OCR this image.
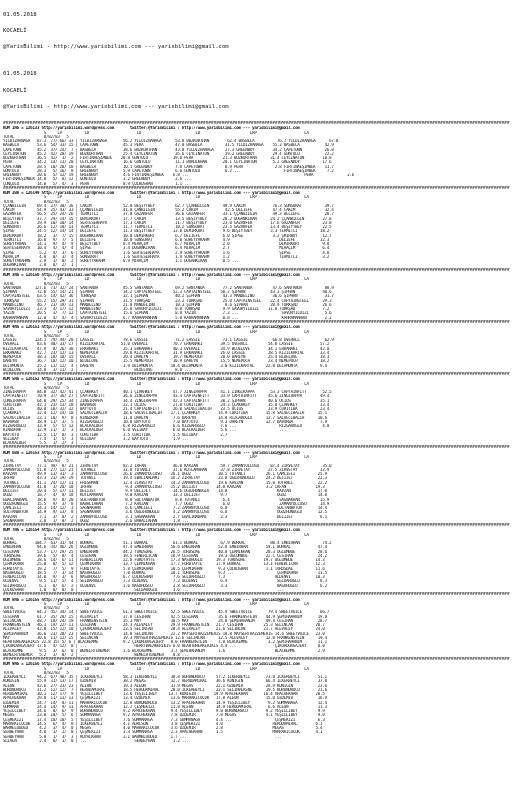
01.05.2018

KOCAELİ

@YarisBilimi - http://www.yarisbilimi.com --- yarisbilimi@gmail.com

01.05.2018

KOCAELİ

@YarisBilimi - http://www.yarisbilimi.com --- yarisbilimi@gmail.com

##############################################################################################################################################################################################
KUM 1NG = 126133 http://yarisbilimi.wordpress.com       twitter:@YarisBilimi : http://www.yarisbilimi.com --- yarisbilimi@gmail.com
S     LP          LD                     LD                        LD                      LRP                     LA
TOTAL             8/82/83   5
YILDIZHANAĞA   87.3  77/ 66/ 33 | YILDIZHANAĞA       56.2 YILDIZHANAĞA      53.8 BOZKURTHAN        62.4 BASBELA          76.7 YILDIZHANAĞA      67.0
BASBELA        53.6  54/ 33/ 15 | CAPETOWN           45.3 PERA              47.0 BASBELA          31.5 YILDIZHANAĞA    55.3 BASBELA           42.9
ÇAPETOWN       45.2  37/ 24/  7 | BASBELA            38.6 BOZKURTHAN        43.8 YILDIZHANAĞA     27.3 GREENBOY        34.2 ÇAPETOWN          26.0
CEYLİNATUN     45.2  42/ 28/ 19 | BOZKURTHAN         25.4 CEYLİNATUN        35.6 CEYLİNATUN       29.2 GREENBOY        29.4 GÜNTÜLÜ           22.2
BOZKURTHAN     36.5  42/  3/  2 | FIRTINAEŞİMBEK    20.8 GÜNTÜLÜ           19.0 PERA             21.3 BOZKURTHAN      31.4 CEYLİNATUN        18.8
PERA           34.2  14/ 13/ 20 | CEYLİNATUN         16.6 GÜNTÜLÜ           11.1 BURULKHAN       20.1 CEYLİNATUN       5.2 GREENBOY          17.6
CAPETOWN       28.5  10/ 20/ 18 | BASBELA            10.1 GREENBOY          7.8 CAPETOWN          8.9 PERA              2.8 FIRTINAEŞİMBEK    11.7
GÜNTÜLÜ        28.3   5/ 16/  8 | GREENBOY           5.9 CAPETOWN           6.6 GÜNTÜLÜ           6.2 ...                   FIRTINAEŞİMBEK     7.2
GREENBOY       20.6   5/ 12/ 19 | GREENBOY           4.6 FIRTINAEŞİMBEK    6.8 ...                                                   PERA               2.6
FIRTINAEŞİMBEK 14.8   5/  8/ 12 | GÜNTÜLÜ            3.2 GREENBOY           2.6 ...
ÇÜNÇÜLÜ        14.0   5/  4/  3 | PERA               0.9 ÇOLKUSHAN          1.1 ...
##############################################################################################################################################################################################
KUM 2BA = 126149 http://yarisbilimi.wordpress.com       twitter:@YarisBilimi : http://www.yarisbilimi.com --- yarisbilimi@gmail.com
S     LP          LD                     LD                        LD                      LRP                     LA
TOTAL             8/82/83   5
ÇÇANBILGİN     69.4  37/ 30/ 36 | CAKIM              52.0 BEŞİYTBEY         62.7 ÇÇANBILGİN      49.9 CAKIM            76.3 SONSURAT          39.7
CAKIM          54.9  25/ 43/ 33 | ÇÇANBILGİN         41.8 ÇANBILGİN         55.2 CAKIM            42.5 DELİEFE         47.4 CAKIM             32.4
GAZANFER       56.5  25/ 24/ 26 | TERMİTLİ           37.0 GAZANFER          36.6 GAZANFER        33.1 ÇÇANBILGİN       49.3 DELİEFE           28.7
BEŞİYTBEY      37.7  29/ 14/ 15 | DEMİRKURT          17.7 CAKIM             13.5 BEŞİYTBEY       28.2 DOĞANKIRAN      24.2 ÇÇANBILGİN        27.8
DELİEFE        29.9  10/ 10/ 14 | SERTESERHAYA       17.1 CAKIM             11.7 BEŞİYTBEY       23.0 GAZANFER        17.6 GAZANFER          23.8
SONSURAT       26.6  12/ 10/ 13 | TERMİTLİ           11.7 TERMİTLİ          10.2 SONSURAT        23.5 GAZANFER        13.4 BEŞİYTBEY         22.5
ŞİPSE          24.5  12/ 14/ 14 | DELİEFE            11.3 BEŞİYTBEY        13.0 DEMİRKURT        9.6 BEŞİYTBEY        3.3 TERMİTLİ          18.2
DEMİRKURT      18.2   3/  7/ 15 | DOĞANKIRAN         10.0 DEMİRKURT         6.7 DELİEFE          6.0 ŞİPSE             3.2 ŞMİRBOY           12.7
TERMİTLİ       16.0   9/  7/  5 | DELİEFE            10.0 SONSURAT          6.8 SÜREYYAKAHM      4.9                      DELİEFE           12.3
SÜREYYAHAN     14.1   9/  4/  9 | BEŞİYTBEY          8.4 MİRAÇİM            6.7 MİRAÇİM          2.0                      DEMİRKURT          9.8
SERTESERHAYA   10.4   4/  4/  4 | ŞİPSE              3.4 DOĞANKIRAN         6.4 MİRAÇİM          2.7                      MİRAÇİM            6.4
ŞİPSE           5.2   4/  3/  6 | SÜREYYAHAN         1.6 SERTESERHAYA       2.9 SÜREYYAKAHM      1.6                      ŞİPSE              4.8
MİRAÇİM         4.0   0/  3/  4 | SONSURAT           1.6 SERTESERHAYA       1.9 SÜREYYAKAHM      1.2                      TERMİTLİ           3.2
SÜREYYAKAHMN    2.9   1/  0/  2 | SÜREYYAKAHM        0.9 MİRAÇİM            1.1 DOĞANKIRAN       0.5 ...
DOĞANKIRAN      2.0   0/  2/  1 | ...
##############################################################################################################################################################################################
KUM 3NG = 126150 http://yarisbilimi.wordpress.com       twitter:@YarisBilimi : http://www.yarisbilimi.com --- yarisbilimi@gmail.com
S     LP          LD                     LD                        LD                      LRP                     LA
TOTAL             8/82/83   5
SANTANUA      127.6  73/ 32/ 24 | SANTANUA           45.5 SANTANUA          69.2 SANTANUA        77.2 SANTANUA         47.6 SANTANUA          88.9
ŞIPHAN         72.0  55/ 14/ 21 | ŞIPHAN             34.2 CAPTAINSTEEL     52.3 CAPTAINSTEEL    50.2 ŞIPHAN           43.3 ŞIPHAN            40.6
CAPTAINSTEEL   63.5  14/ 42/ 36 | TÜRKŞAD            32.1 ŞIPHAN            40.2 ŞIPHAN          43.3 MANDELINO        36.6 ŞIPHAN            31.7
TÜRKŞAD        55.2  15/ 29/ 31 | ŞIPHAN             31.5 TÜRKŞAD           23.2 TÜRKŞAD         25.0 CAPTAINSTEEL    22.4 CAPTAINSTEEL      29.3
MANDELINO      46.7  23/ 19/ 13 | MANDELINO          21.0 MANDELINO         10.3 ŞIPHAN           8.6 ŞIPHAN          20.9 TÜRKŞAD           26.6
SAVURYILDIZI   23.3   4/ 17/ 12 | MANDELINO          15.0 SAVURYILDIZI      8.8 TÜRKŞAD          9.9 SAVURYILDIZI    11.8 TÜRKŞAD            7.2
YAZIN          20.5   3/  7/ 12 | CAPTAINSTEEL       15.6 ŞIPHAN            8.8 YAZIN            7.3 ...                   SAVURYILDIZI       5.6
KAHRAMANHAN    12.0   4/  4/  4 | SAVURYILDIZI       6.7 KAHRAMANHAN        5.0 KAHRAMANHAN      0.8 ...                   KAHRAMANHAN        2.2
##############################################################################################################################################################################################
KUM 4NG = 126151 http://yarisbilimi.wordpress.com       twitter:@YarisBilimi : http://www.yarisbilimi.com --- yarisbilimi@gmail.com
S     LP          LD                     LD                        LD                      LRP                     LA
TOTAL             8/82/83   5
LASSİE        124.1  79/ 44/ 20 | LASSİE             78.6 LASSİE            71.2 LASSİE          73.1 LASSİE           66.8 OVERALL           62.9
OVERALL        83.6  40/ 33/ 17 | KIZILKARTAL       51.0 OVERALL           70.7 ERKANAKI        39.5 OVERALL         54.0 LASSİE            57.2
KIZILKARTAL    47.9   8/ 26/ 38 | ERKANAKI           35.3 ERKANAKI         40.3 OVERALL         34.9 BLUELOVE        34.1 ERKANAKI          42.0
ERKANAKI       42.7  23/ 12/ 13 | NEMEPOCH           29.8 KIZILKARTAL      31.9 ERKANAKI        26.0 LASSİE          28.5 KIZILKARTAL       33.4
NEMEPOCH       38.3  18/ 10/ 15 | OVERALL            20.4 DAREYN           19.7 NEMEPOCH        28.0 DAREYN          25.4 BLUELOVE          18.3
DAREYN         36.7  10/ 12/ 10 | BLUELOVE           15.5 NEMEPOCH         10.9 DAREYN          15.5 NEMEPOCH        23.4 NEMEPOCH          18.2
DELAMONTA      25.2  13/ 12/  4 | DAREYN             3.9 DELAMONTA        10.4 DELAMONTA        3.0 KIZILKARTAL     22.8 DELAMONTA          9.4
BLUELOVE       14.8   3/ 11/  2 | ...                     BLUELOVE          8.0 ...
##############################################################################################################################################################################################
KUM 5NG = 126152 http://yarisbilimi.wordpress.com       twitter:@YarisBilimi : http://www.yarisbilimi.com --- yarisbilimi@gmail.com
S     LP          LD                     LD                        LD                      LRP                     LA
TOTAL             8/82/83   5
ZİNGIRAPPA     84.0  32/ 42/ 41 | ÇLAKHKEY           40.1 ÇLAKHKEY         47.7 ZİNGIRAPPA      41.1 ZİNGIRAPPA       53.3 CAPTAINFITT       52.5
CAPTAINFITT    70.9  37/ 36/ 27 | CAPTAINFITT        36.6 ZİNGIRAPPA       43.4 CAPTAINFITT     33.9 CAPTAINFITT     45.6 ZİNGIRAPPA        49.4
ÇONGIRAPPA     64.8  29/ 25/ 34 | ZİNGIRAPPA         34.4 ZİNGIRAPPA       42.3 CAPTAINFITT     30.2 ŞIPHAN          40.6 OCIUS             35.1
CORİTIBA       42.1  23/ 13/ 18 | BAVURBA            22.1 OCIUS            27.0 CORİTIBA        24.3 ÇLAKHKEY        35.8 ÇLAKHKEY          33.4
OCIUS          40.0  10/ 32/ 32 | BAYTOTO            21.4 CAPTAINFITT      26.0 SALVECİBALİH    23.5 OCIUS           33.9 CORİTIBA          23.4
ÇLAKHKEY       32.4  12/ 14/ 10 | SALVECİBALİH       18.6 SALVECİBALİH    17.1 ÇLAKHKEY        14.9 CORİTIBA        15.8 SALVECİBALİH      15.1
SALVECİBALİH   23.1  10/  9/  8 | KINGDRAK           11.0 DAREYN           7.6 DAREYN          14.8 RIZGAROGLU      12.7 SALVECİBALİH      10.6
BAVURBA        18.9  11/  3/  5 | RIZGAROGLU         10.8 BAYTOTO          7.0 BAYTOTO          9.3 DAREYN          12.7 BAVURBA            7.9
RIZGAROGLU     13.9   5/  5/ 13 | BLACKALDER         6.8 RIZGAROGLU        6.6 RIZGAROGLU       7.6 ...                   RIZGAROGLU         4.0
KINGDRAK       12.9  11/  1/  3 | BLACKALDER         6.0 VELİBAY           6.0 BLACKALDER       5.6 ...                   ...
BAYTOTO        12.5  11/  0/  3 | CORİTIBA           3.5 CORİTIBA          5.5 VELİBAY          2.7
VELİBAY         7.4   1/  5/  3 | VELİBAY            3.2 BAYTOTO           1.9 ...
BLACKALDER      5.5   1/  2/  3 | ...
##############################################################################################################################################################################################
KUM 6BA = 126153 http://yarisbilimi.wordpress.com       twitter:@YarisBilimi : http://www.yarisbilimi.com --- yarisbilimi@gmail.com
S     LP          LD                     LD                        LD                      LRP                     LA
TOTAL             8/82/83   5
ZİRVETAY       77.1  49/  8/ 23 | ZİRVETAY           82.2 İRFAN            46.0 KAVZAN          59.7 ZAMANYOLCUSU     87.4 ZİRVETAY          35.0
ZAMANYOLCUSU   51.0  27/ 12/ 21 | TUTANLI            31.8 TUTANLI          37.6 KUTLAMAHAN      37.8 ZİRVETAY        27.5 ZİRVETAY          33.9
KAVZAN         49.9  13/ 31/  3 | ZAMANYOLCUSU       26.6 ZAMANYOLCUSU    26.1 OĞUZ            30.5 TUTANLI         26.1 ÇAMLIELİ          25.9
İRFAN          43.3  23/ 19/ 19 | TUTANLI            19.4 EBALINADAMI     16.2 ZİRVETAY        23.8 OĞUZHUNOĞLU     24.2 DELİJET           22.3
TUTANLI        41.1  24/ 12/ 11 | FRESHMAN           12.4 ZİRVETAY        14.3 ZAMANYOLCUSU    19.6 KAVZAN          15.0 TUTANLI           22.2
ZAMANYOLCUSU   41.0   3/ 20/ 10 | İRFAN               9.4 ZAMANYOLCUSU    15.2 DELİJET        14.0 KAVZAN           3.2 İRFAN             19.3
DELİJET        20.4   5/ 17/ 11 | DELİJET             9.9 DELİJET          14.6 OĞUZHUNOĞLU    14.0                      KAVZAN            17.0
OĞUZ           18.7   4/  8/ 18 | KUTLAMAHAN          9.0 KAVZAN           13.3 DELİJET         9.7                      OĞUZ              14.8
EBALINADAMI    18.6   9/  8/ 20 | SULTANBATUR         8.8 SULTANBATUR       8.8 TUTANLI          6.4                      SAĞNAKHAN         15.9
OĞUZHUNOĞLU    15.5   9/  3/  8 | BABALIAHAN          7.2 KAVZAN            7.7 OĞUZ             6.0                      ZAMANYOLCUSU      14.9
ÇAMLIELİ       14.3  14/ 12/  3 | SAĞNAKHAN           6.6 ÇAMLIELİ         7.2 ZAMANYOLCUSU     6.0                      SULTANBATUR       14.4
SULTANBATUR    14.9   9/ 13/  8 | SAĞNAKHAN           3.6 OĞUZHUNOĞLU      4.2 ZAMANYOLCUSU     6.0                      OĞUZHUNOĞLU       12.5
KAVZAN          7.1   3/  0/  2 | ZAMANYOLCUSU        3.1 SAĞNAKHAN        2.7 EBALINADAMI      2.3                      DELİJET            6.1
SAĞNAKHAN       3.0   1/  0/  2 | OĞUZ                2.6 BABALIAHAN       1.8 ...                                       ...
##############################################################################################################################################################################################
KUM 7NG = 126154 http://yarisbilimi.wordpress.com       twitter:@YarisBilimi : http://www.yarisbilimi.com --- yarisbilimi@gmail.com
S     LP          LD                     LD                        LD                      LRP                     LA
TOTAL             8/82/83   5
BURKAL        104.7  63/ 31/ 44 | BURKAL             51.1 BURKAL           61.1 BURKAL          67.9 BURKAL           80.4 EMBIRHAN          74.2
EMBIRHAN       94.6  34/ 46/ 26 | OGLUMBUE           47.4 EMBIRHAN        56.6 EMBIRHAN        52.8 EMBIRHAN        59.1 BURKAL            47.4
CESİHAN        53.7  17/ 29/ 25 | EMBIRHAN           44.2 TORDSDAE        26.5 TORDSDAE        40.0 ÇERMİKHAN       20.3 OGLUMBUE          28.6
TORDSDAE       39.6   5/  8/  4 | CESİHAN            19.5 FENERLICAN      18.9 CESİHAN         19.3 OGLUMBUE        22.1 CESİHAN           24.2
OGLUMBUE       28.6  14/  6/ 11 | FENERLICAN         22.8 FORDTAYTE       17.3 NASUHOGLU      19.3 TORDSDAE        19.7 OGLUMBUE          14.3
ÇERMİKHAN      25.0   8/  5/ 12 | ÇERMİKHAN          13.7 ÇERMİKHAN       17.7 FORDTAYTE      17.9 BURKAL          13.1 FENERLICAN        12.3
FORDTAYTE      19.2   7/  5/  9 | FORDTAYTE          5.8 ÇERMİKHAN        10.5 ÇERMİKHAN       9.3 ÇOLKUSHAN        1.1 TORDSDAE          11.6
NASUHOGLU      18.5   7/  3/ 14 | NASUHOGLU          7.0 BURKAL           10.1 TORDSDAE        9.3 ...                   ÇERMİKHAN         11.5
FENERLICAN     14.0   9/  3/  6 | NASUHOGLU          6.7 ÇOLKUSHAN         7.6 SELDAROGLU      7.3                      OLDENVI           10.3
OLDENVI         9.5  11/  5/  4 | SELDAROGLU         7.3 OLDENVI           7.3 OLDENVI          6.9                      SELDAROGLU         8.3
SELDAROGLU      6.1   0/  6/  2 | OLDENVI            1.6 NASUHOGLU         3.8 SELDAROGLU       3.3                      NASUHOGLU          6.2
ÇOLKUSHAN       1.0   0/  0/  0 | ...                     SELDAROGLU       1.6 ...                                       ...
##############################################################################################################################################################################################
KUM 8NG = 126155 http://yarisbilimi.wordpress.com       twitter:@YarisBilimi : http://www.yarisbilimi.com --- yarisbilimi@gmail.com
S     LP          LD                     LD                        LD                      LRP                     LA
TOTAL             8/82/83   5
SWEETVOICE     84.3  45/ 34/ 14 | SWEETVOICE         61.3 SWEETVOICE      52.5 SWEETVOICE      45.9 SWEETVOICE       79.4 SWEETVOICE        66.7
CESİHAN        61.7  35/ 28/ 15 | ALEVALEY           37.8 CESİHAN         42.5 CESİHAN         35.6 FRANKENSTEIN    44.9 ŞEMİHAHANIM       19.8
SELİNCAN       48.7  18/ 24/ 19 | FRANKENSTEIN       35.3 MAY             30.5 MAY             24.8 ŞEMİHAHANIM     49.4 CESİHAN           28.7
FRANKENSTEIN   46.1  19/ 22/ 11 | CESİHAN            24.3 ALEVALEY        29.9 FRANKENSTEIN   21.7 CESİHAN         25.3 SELİNCAN          28.7
ALEVALEY       42.8  15/ 12/ 10 | ÇIKORDOAGAJERY     23.5 SELİNCAN        28.4 ALEVALEY       21.6 SELİNCAN        21.7 ALEVALEY          24.0
ŞEMİHAHANIM    36.6  23/ 20/ 23 | SWEETVOICE         14.8 SELİNCAN        22.2 MAYSERTHAZZEMERIS 18.8 MAYSERTHAZZEMERIS 14.6 SWEETVOICE   23.0
MAY            30.6  11/ 12/ 15 | SELİNCAN           19.3 MAYSERTHAZZEMERIS 12.6 SELİNCAN      12.5 ALEVALEY        12.0 FRANKENSTEIN      19.4
HEARTBREAKERİKIS 22.8 15/ 5/ 6 | BLACKEMME           9.2 ÇIKORDOAGAJERY   8.0 FRANKENSTEIN     7.0 BLACKEMME         3.2 ŞEMİHAHANIM       11.1
ÇIKORDOAGAJERY 17.6   4/ 12/  8 | ...                     HEARTBREAKERİKIS 6.0 HEARTBREAKERİKIS 4.4 ...                 ÇIKORDOAGAJERY     8.0
BLACKEMME       9.5   3/  6/  0 | WEMELRTENEMER      1.6 BLACKEMME        3.7 ŞEMİHAHANIM      1.6                      BLACKEMME          2.9
WEMELRTENEMER   5.2   3/  0/  2 | ...                     WEMELRTENEMER    0.8 ...                                       ...
##############################################################################################################################################################################################
KUM 9NG = 126156 http://yarisbilimi.wordpress.com       twitter:@YarisBilimi : http://www.yarisbilimi.com --- yarisbilimi@gmail.com
S     LP          LD                     LD                        LD                      LRP                     LA
TOTAL             8/82/83   5
ILKERBEYLİ     94.2  67/ 48/ 35 | ILKERBEYLİ         58.3 ILKERBEYLİ      38.8 BURUNDRUCU     57.2 ILKERBEYLİ       73.8 ILKERBEYLİ        51.1
KONIGIN        55.9  31/ 13/ 17 | ÖZDEMİR            38.2 MEGAS           32.7 HERODAMIRAL    36.6 KONIGIN          66.4 ILKERBEYLİ        37.8
ALEON          42.6  27/ 23/ 23 | ALEON              19.3 ALEON           31.9 MEGAS          22.1 ÖZDEMİR          28.9 KONIGIN           23.6
BURUNDRUCU     31.2  12/ 12/  7 | HERODAMIRAL        18.5 HERODAMIRAL     20.0 ILKERBEYLİ     22.1 SELINVERENE      19.5 BURUNDRUCU        21.6
HERODAMIRAL    30.1  12/ 17/  9 | YEŞİLLİBEY         13.6 YEŞİLLİBEY     13.7 KONIGIN        19.9 APACHEKHAN       16.4 APACHEKHAN        20.5
APACHEKHAN     29.8  11/ 13/ 13 | ÇEŞMEKIZI          13.4 ÖZDEMİR         13.6 MARRAKICOCUK   17.8 ALEON            15.0 ÖZDEMİR           16.9
ÖZDEMİR        24.7  14/  8/ 11 | MARRAKICOCUK       12.8 BURUNDRUCU      13.2 APACHEKHAN     14.9 YEŞİLLİBEY        9.2 SUMMANAGA         12.4
GÜMMANA        24.4  14/  9/ 11 | APACHEKHAN         12.2 ÇEŞMEKIZI       11.8 ALEON          14.9 HERODAMIRAL       6.6 ALEON             11.3
YEŞİLLİBEY     24.6   8/  6/  9 | BURUNDRUCU         9.2 APACHEKHAN       9.4 YEŞİLLİBEY      9.0 BURUNDRUCU        9.2 YEŞİLLİBEY         9.9
MEGAS          23.0  10/  5/  6 | SUMMANAGA          9.2 APACHEKHAN       7.8 ÖZDEMİR         7.8 MEGAS             4.1 YEŞİLLİBEY         9.0
ÇEŞMEKIZI      17.4  10/ 10/  5 | YEŞİLLİBEY         7.6 SUMMANAGA        7.3 SUMMANAGA       4.4 ...                   ÇEŞMEKIZI          6.3
MARRAKICOCUK   14.5   6/  4/  8 | ILKERBEYLİ         4.1 ADALSON          3.8 ÇEŞMEKIZI       4.0                      HERODAMIRAL        6.1
WARMELOODED     4.2   3/  4/  0 | MEGAS              4.0 MARRAKICOCUK     3.6 ÖZDEMİR         2.8                      MEGAS              5.4
SERBEYHAN       4.0   1/  2/  0 | ÇEŞMEKIZI          3.3 SUMMANAGA        2.3 APACHEKHAN      1.5                      MARRAKICOCUK       4.1
SERBEYHAN       5.0   1/  3/  3 | ROYALKHAN          2.1 WARMBLOODED      1.7 ...                                       ...
SLEVEN          2.4   0/  1/  0 | ...                     SERBEYHAN        1.2 ...
